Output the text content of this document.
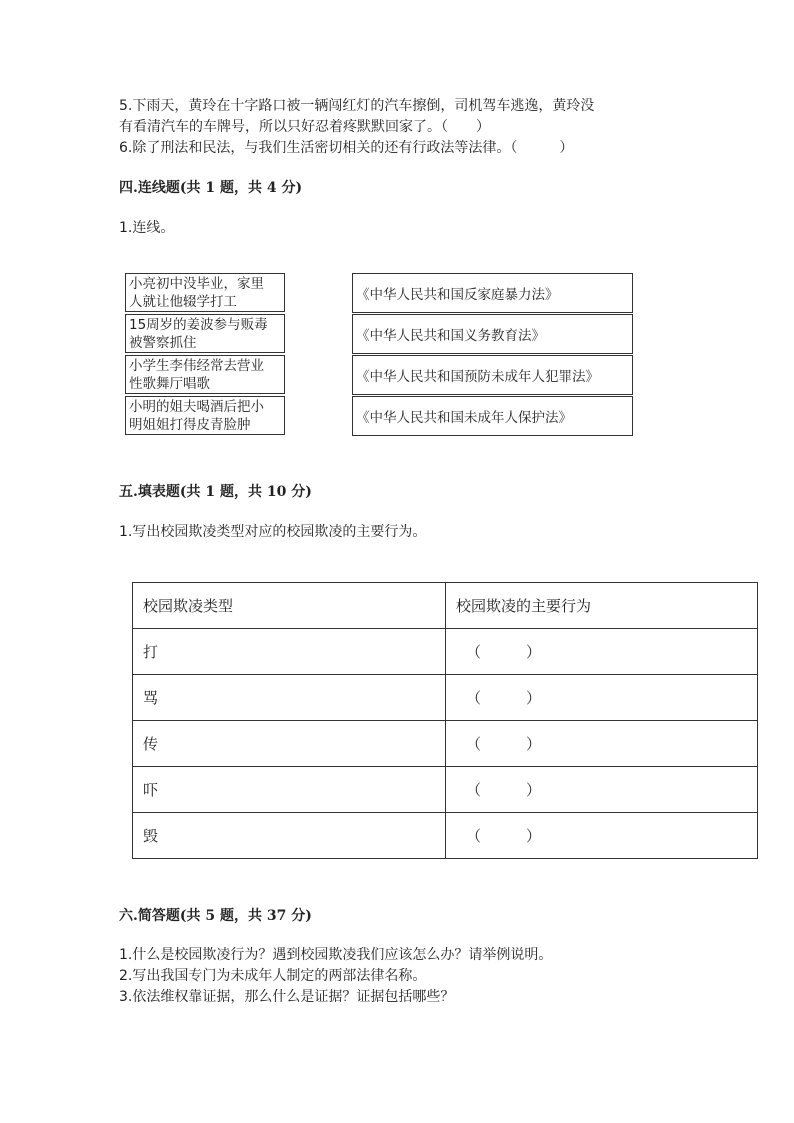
5.下雨天，黄玲在十字路口被一辆闯红灯的汽车擦倒，司机驾车逃逸，黄玲没
有看清汽车的车牌号，所以只好忍着疼默默回家了。（　　）
6.除了刑法和民法，与我们生活密切相关的还有行政法等法律。（　　　）
四.连线题(共 1 题，共 4 分)
1.连线。
小亮初中没毕业，家里
人就让他辍学打工
15周岁的姜波参与贩毒
被警察抓住
小学生李伟经常去营业
性歌舞厅唱歌
小明的姐夫喝酒后把小
明姐姐打得皮青脸肿
《中华人民共和国反家庭暴力法》
《中华人民共和国义务教育法》
《中华人民共和国预防未成年人犯罪法》
《中华人民共和国未成年人保护法》
五.填表题(共 1 题，共 10 分)
1.写出校园欺凌类型对应的校园欺凌的主要行为。
校园欺凌类型	校园欺凌的主要行为
打	（　　　）
骂	（　　　）
传	（　　　）
吓	（　　　）
毁	（　　　）
六.简答题(共 5 题，共 37 分)
1.什么是校园欺凌行为？遇到校园欺凌我们应该怎么办？请举例说明。
2.写出我国专门为未成年人制定的两部法律名称。
3.依法维权靠证据，那么什么是证据？证据包括哪些？
